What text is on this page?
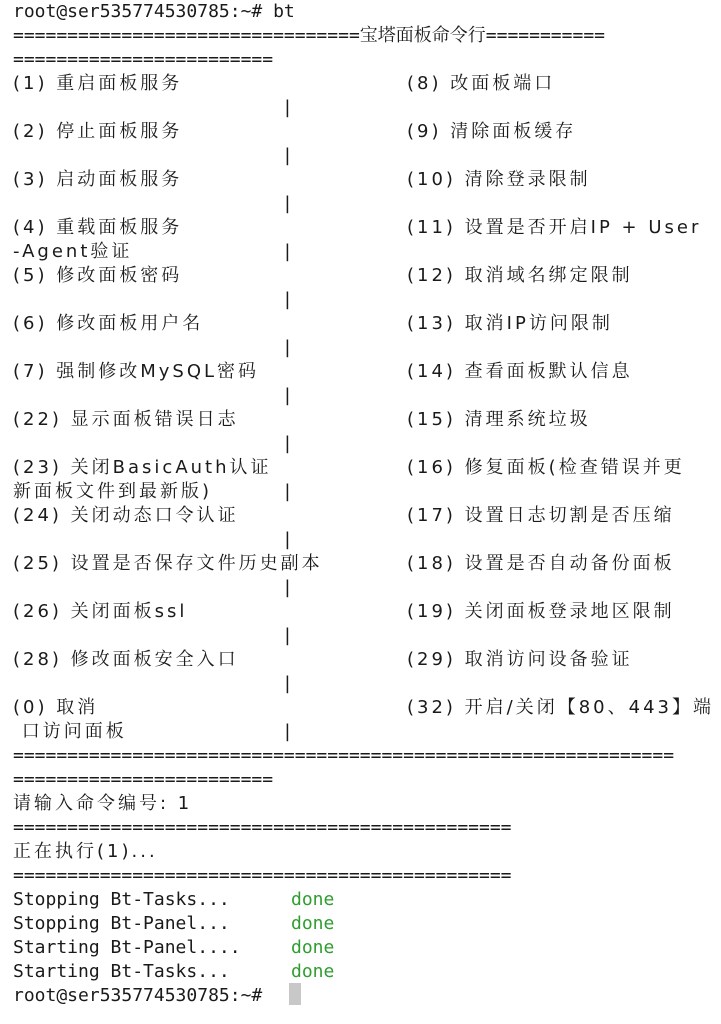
root@ser535774530785:~# bt
================================宝塔面板命令行===========
========================
(1) 重启面板服务	(8) 改面板端口
|
(2) 停止面板服务	(9) 清除面板缓存
|
(3) 启动面板服务	(10) 清除登录限制
|
(4) 重载面板服务	(11) 设置是否开启IP + User
-Agent验证	|
(5) 修改面板密码	(12) 取消域名绑定限制
|
(6) 修改面板用户名	(13) 取消IP访问限制
|
(7) 强制修改MySQL密码	(14) 查看面板默认信息
|
(22) 显示面板错误日志	(15) 清理系统垃圾
|
(23) 关闭BasicAuth认证	(16) 修复面板(检查错误并更
新面板文件到最新版)	|
(24) 关闭动态口令认证	(17) 设置日志切割是否压缩
|
(25) 设置是否保存文件历史副本	(18) 设置是否自动备份面板
|
(26) 关闭面板ssl	(19) 关闭面板登录地区限制
|
(28) 修改面板安全入口	(29) 取消访问设备验证
|
(0) 取消	(32) 开启/关闭【80、443】端
口访问面板	|
=============================================================
========================
请输入命令编号: 1
==============================================
正在执行(1)...
==============================================
Stopping Bt-Tasks...	done
Stopping Bt-Panel...	done
Starting Bt-Panel....	done
Starting Bt-Tasks...	done
root@ser535774530785:~#
